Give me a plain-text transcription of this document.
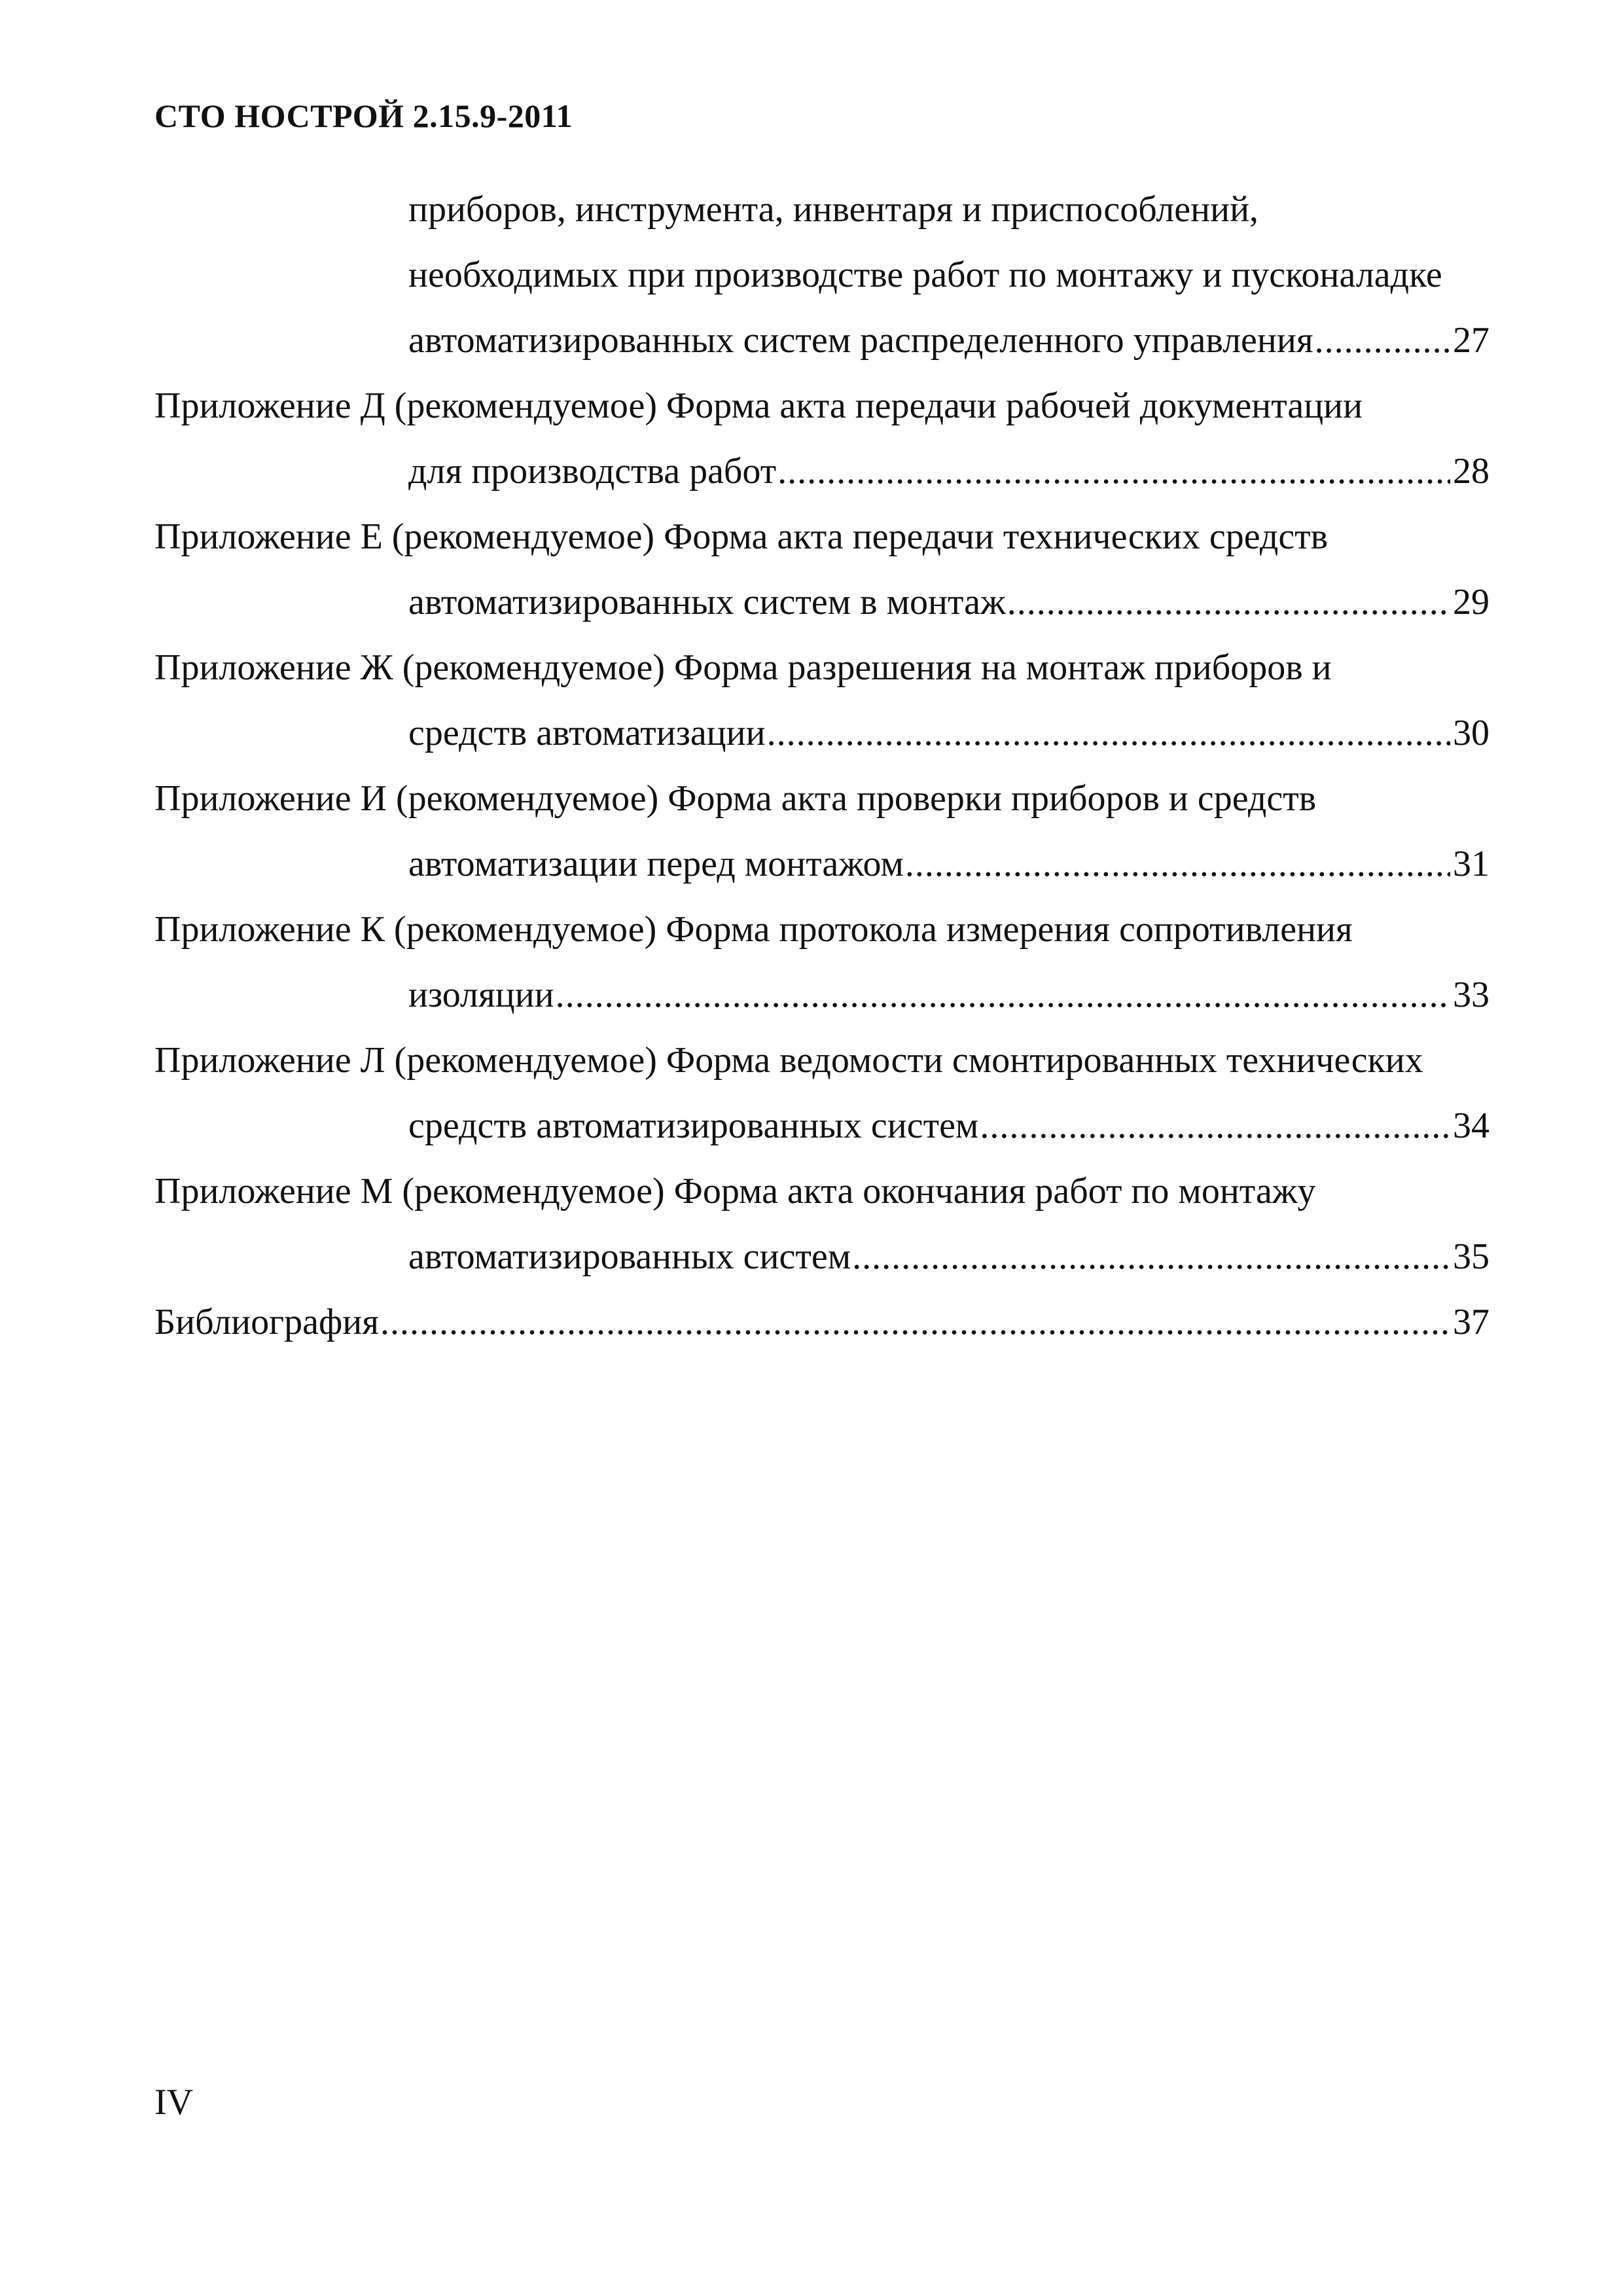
СТО НОСТРОЙ 2.15.9-2011
приборов, инструмента, инвентаря и приспособлений,
необходимых при производстве работ по монтажу и пусконаладке
автоматизированных систем распределенного управления .....	27
Приложение Д (рекомендуемое) Форма акта передачи рабочей документации
для производства работ .....	28
Приложение Е (рекомендуемое) Форма акта передачи технических средств
автоматизированных систем в монтаж .....	29
Приложение Ж (рекомендуемое) Форма разрешения на монтаж приборов и
средств автоматизации .....	30
Приложение И (рекомендуемое) Форма акта проверки приборов и средств
автоматизации перед монтажом .....	31
Приложение К (рекомендуемое) Форма протокола измерения сопротивления
изоляции .....	33
Приложение Л (рекомендуемое) Форма ведомости смонтированных технических
средств автоматизированных систем .....	34
Приложение М (рекомендуемое) Форма акта окончания работ по монтажу
автоматизированных систем .....	35
Библиография .....	37
IV
